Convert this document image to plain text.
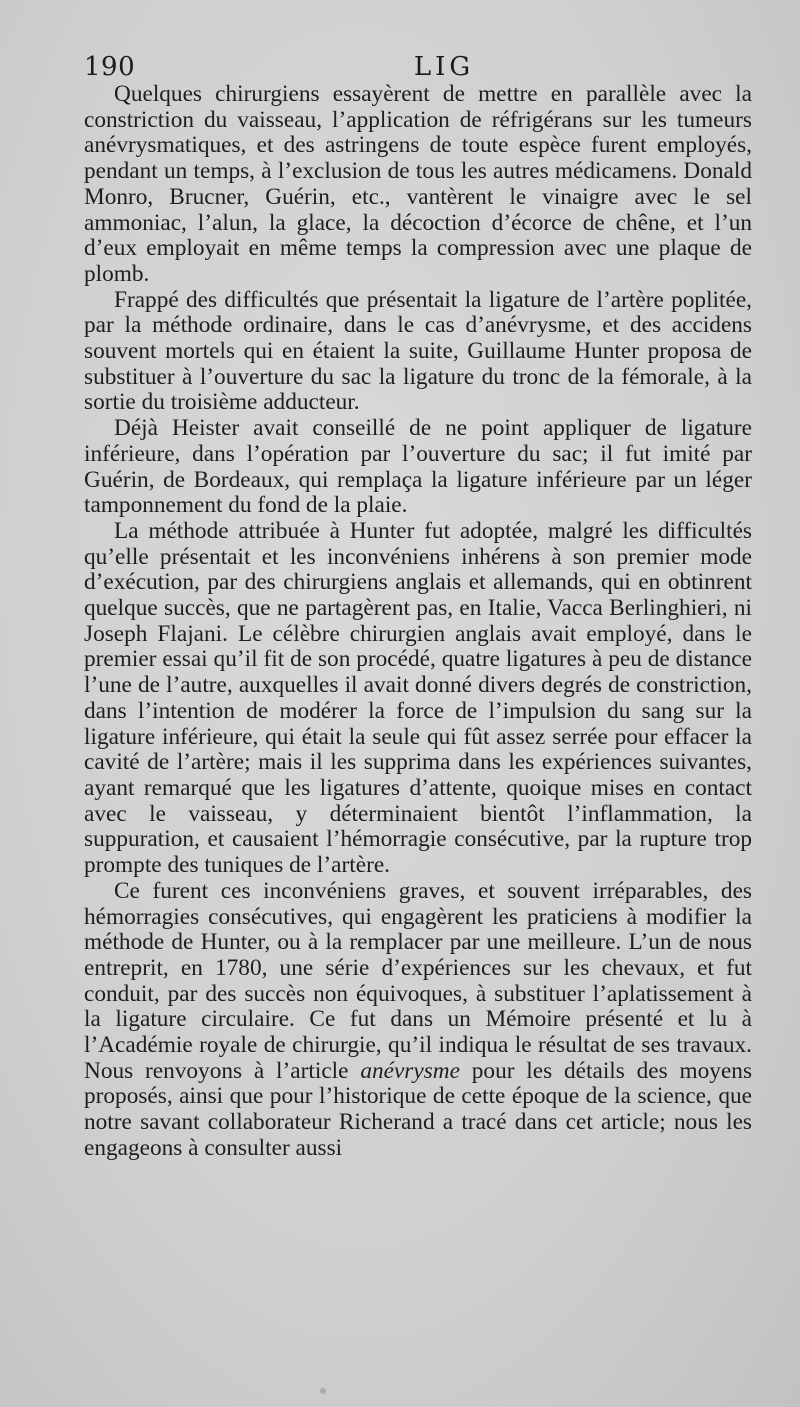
190	LIG

Quelques chirurgiens essayèrent de mettre en parallèle avec la constriction du vaisseau, l’application de réfrigérans sur les tumeurs anévrysmatiques, et des astringens de toute espèce furent employés, pendant un temps, à l’exclusion de tous les autres médicamens. Donald Monro, Brucner, Guérin, etc., vantèrent le vinaigre avec le sel ammoniac, l’alun, la glace, la décoction d’écorce de chêne, et l’un d’eux employait en même temps la compression avec une plaque de plomb.

Frappé des difficultés que présentait la ligature de l’artère poplitée, par la méthode ordinaire, dans le cas d’anévrysme, et des accidens souvent mortels qui en étaient la suite, Guillaume Hunter proposa de substituer à l’ouverture du sac la ligature du tronc de la fémorale, à la sortie du troisième adducteur.

Déjà Heister avait conseillé de ne point appliquer de ligature inférieure, dans l’opération par l’ouverture du sac; il fut imité par Guérin, de Bordeaux, qui remplaça la ligature inférieure par un léger tamponnement du fond de la plaie.

La méthode attribuée à Hunter fut adoptée, malgré les difficultés qu’elle présentait et les inconvéniens inhérens à son premier mode d’exécution, par des chirurgiens anglais et allemands, qui en obtinrent quelque succès, que ne partagèrent pas, en Italie, Vacca Berlinghieri, ni Joseph Flajani. Le célèbre chirurgien anglais avait employé, dans le premier essai qu’il fit de son procédé, quatre ligatures à peu de distance l’une de l’autre, auxquelles il avait donné divers degrés de constriction, dans l’intention de modérer la force de l’impulsion du sang sur la ligature inférieure, qui était la seule qui fût assez serrée pour effacer la cavité de l’artère; mais il les supprima dans les expériences suivantes, ayant remarqué que les ligatures d’attente, quoique mises en contact avec le vaisseau, y déterminaient bientôt l’inflammation, la suppuration, et causaient l’hémorragie consécutive, par la rupture trop prompte des tuniques de l’artère.

Ce furent ces inconvéniens graves, et souvent irréparables, des hémorragies consécutives, qui engagèrent les praticiens à modifier la méthode de Hunter, ou à la remplacer par une meilleure. L’un de nous entreprit, en 1780, une série d’expériences sur les chevaux, et fut conduit, par des succès non équivoques, à substituer l’aplatissement à la ligature circulaire. Ce fut dans un Mémoire présenté et lu à l’Académie royale de chirurgie, qu’il indiqua le résultat de ses travaux. Nous renvoyons à l’article anévrysme pour les détails des moyens proposés, ainsi que pour l’historique de cette époque de la science, que notre savant collaborateur Richerand a tracé dans cet article; nous les engageons à consulter aussi
